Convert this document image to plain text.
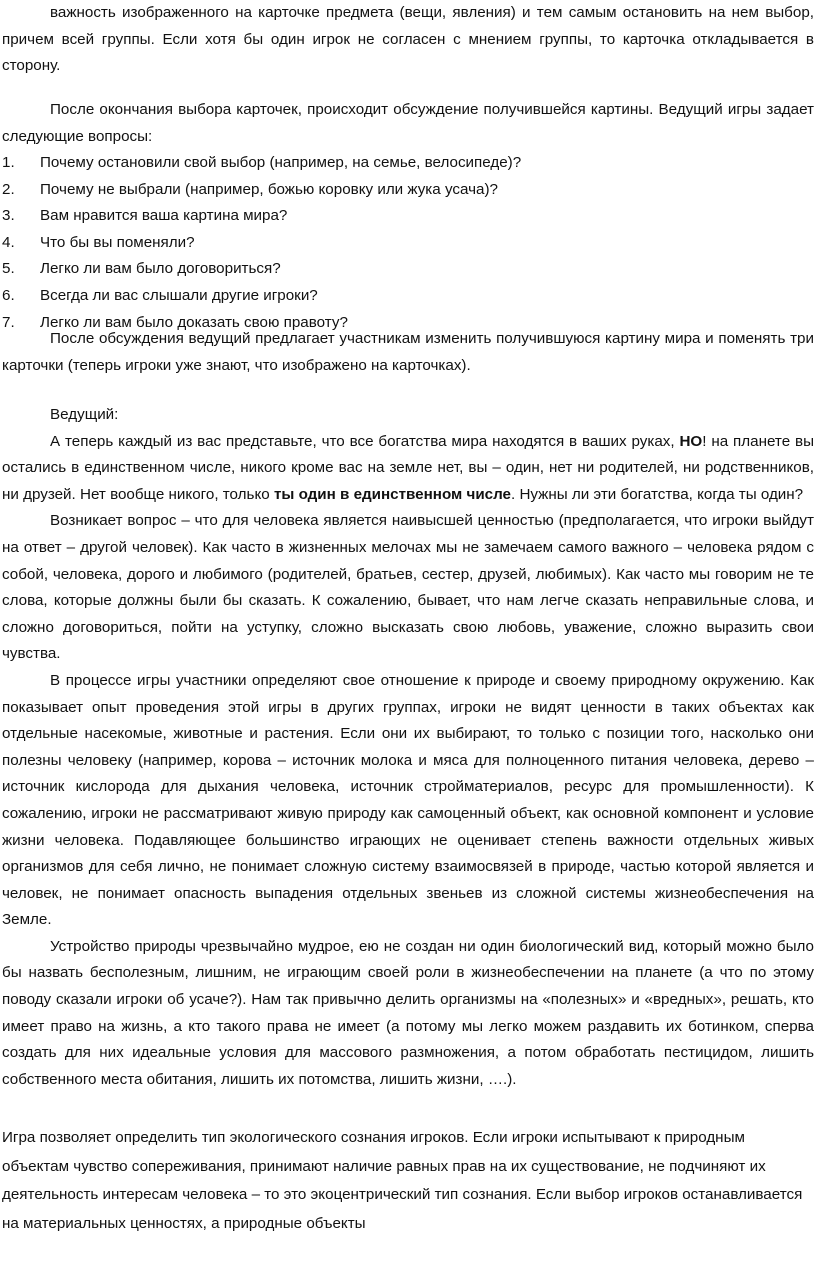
важность изображенного на карточке предмета (вещи, явления) и тем самым остановить на нем выбор, причем всей группы. Если хотя бы один игрок не согласен с мнением группы, то карточка откладывается в сторону.

После окончания выбора карточек, происходит обсуждение получившейся картины. Ведущий игры задает следующие вопросы:

1. Почему остановили свой выбор (например, на семье, велосипеде)?
2. Почему не выбрали (например, божью коровку или жука усача)?
3. Вам нравится ваша картина мира?
4. Что бы вы поменяли?
5. Легко ли вам было договориться?
6. Всегда ли вас слышали другие игроки?
7. Легко ли вам было доказать свою правоту?

После обсуждения ведущий предлагает участникам изменить получившуюся картину мира и поменять три карточки (теперь игроки уже знают, что изображено на карточках).

Ведущий:

А теперь каждый из вас представьте, что все богатства мира находятся в ваших руках, НО! на планете вы остались в единственном числе, никого кроме вас на земле нет, вы – один, нет ни родителей, ни родственников, ни друзей. Нет вообще никого, только ты один в единственном числе. Нужны ли эти богатства, когда ты один?

Возникает вопрос – что для человека является наивысшей ценностью (предполагается, что игроки выйдут на ответ – другой человек). Как часто в жизненных мелочах мы не замечаем самого важного – человека рядом с собой, человека, дорого и любимого (родителей, братьев, сестер, друзей, любимых). Как часто мы говорим не те слова, которые должны были бы сказать. К сожалению, бывает, что нам легче сказать неправильные слова, и сложно договориться, пойти на уступку, сложно высказать свою любовь, уважение, сложно выразить свои чувства.

В процессе игры участники определяют свое отношение к природе и своему природному окружению. Как показывает опыт проведения этой игры в других группах, игроки не видят ценности в таких объектах как отдельные насекомые, животные и растения. Если они их выбирают, то только с позиции того, насколько они полезны человеку (например, корова – источник молока и мяса для полноценного питания человека, дерево – источник кислорода для дыхания человека, источник стройматериалов, ресурс для промышленности). К сожалению, игроки не рассматривают живую природу как самоценный объект, как основной компонент и условие жизни человека. Подавляющее большинство играющих не оценивает степень важности отдельных живых организмов для себя лично, не понимает сложную систему взаимосвязей в природе, частью которой является и человек, не понимает опасность выпадения отдельных звеньев из сложной системы жизнеобеспечения на Земле.

Устройство природы чрезвычайно мудрое, ею не создан ни один биологический вид, который можно было бы назвать бесполезным, лишним, не играющим своей роли в жизнеобеспечении на планете (а что по этому поводу сказали игроки об усаче?). Нам так привычно делить организмы на «полезных» и «вредных», решать, кто имеет право на жизнь, а кто такого права не имеет (а потому мы легко можем раздавить их ботинком, сперва создать для них идеальные условия для массового размножения, а потом обработать пестицидом, лишить собственного места обитания, лишить их потомства, лишить жизни, ….).

Игра позволяет определить тип экологического сознания игроков. Если игроки испытывают к природным объектам чувство сопереживания, принимают наличие равных прав на их существование, не подчиняют их деятельность интересам человека – то это экоцентрический тип сознания. Если выбор игроков останавливается на материальных ценностях, а природные объекты
